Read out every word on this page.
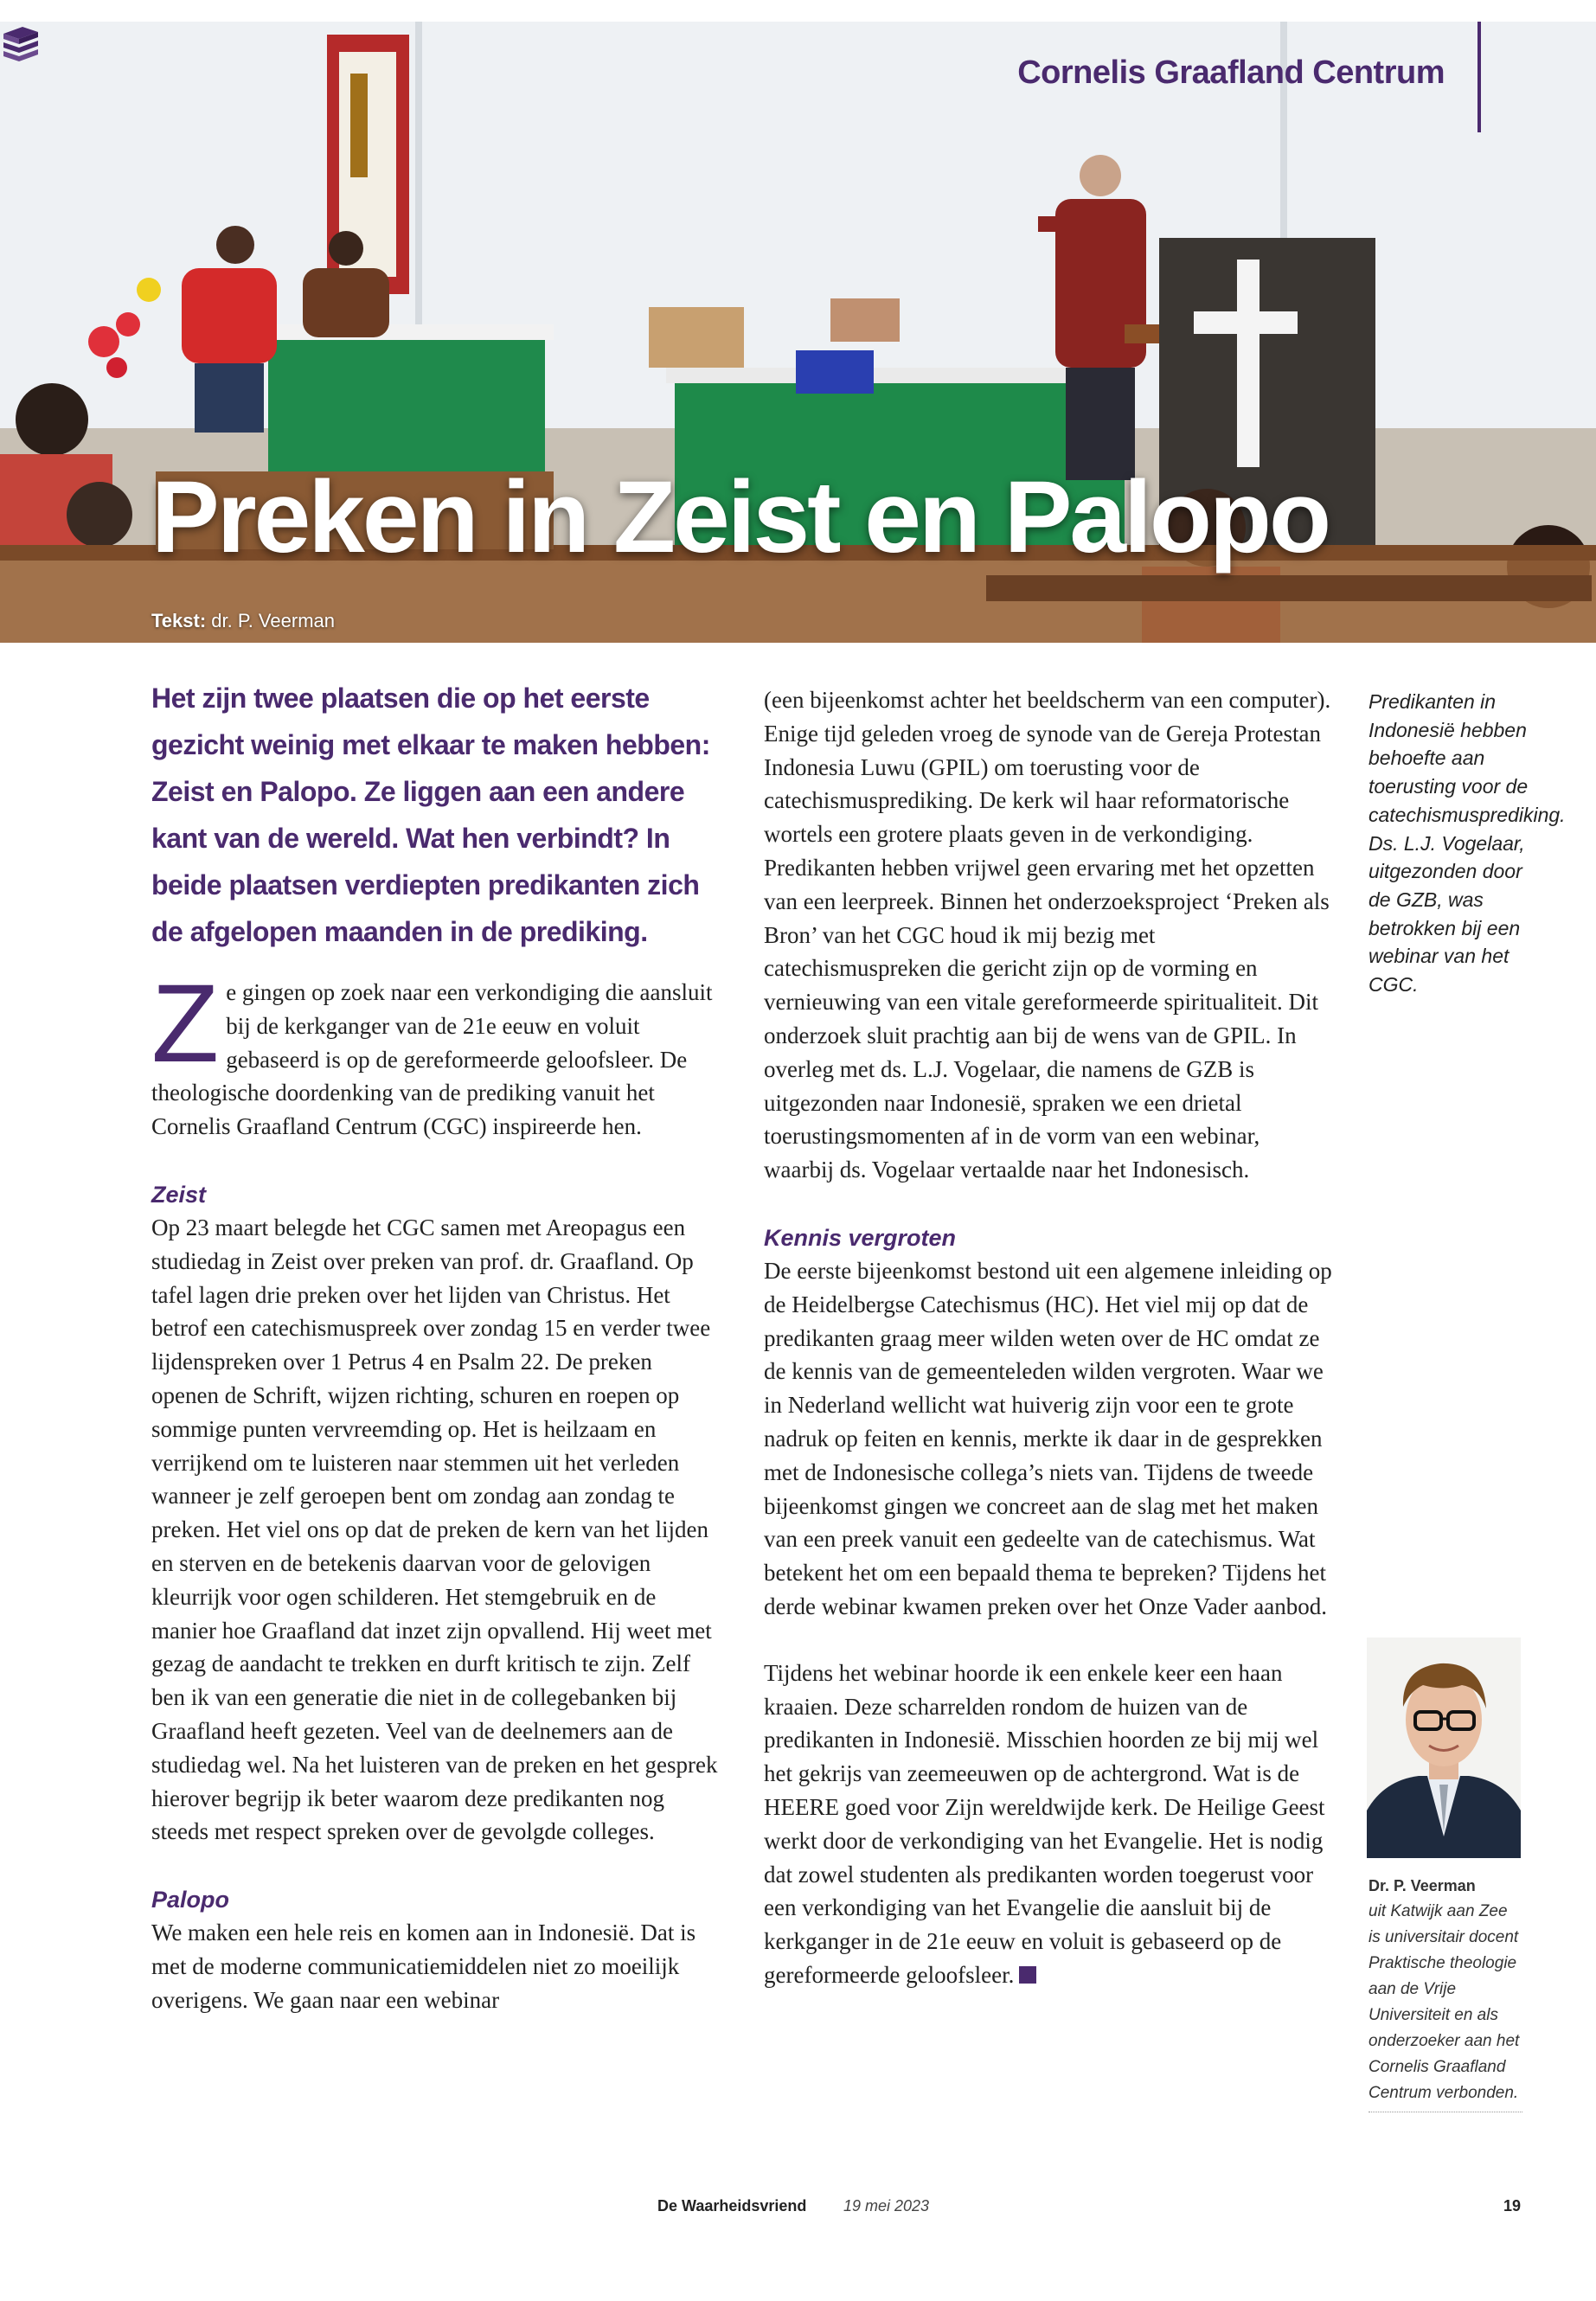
Cornelis Graafland Centrum
Preken in Zeist en Palopo
Tekst: dr. P. Veerman

Het zijn twee plaatsen die op het eerste gezicht weinig met elkaar te maken hebben: Zeist en Palopo. Ze liggen aan een andere kant van de wereld. Wat hen verbindt? In beide plaatsen verdiepten predikanten zich de afgelopen maanden in de prediking.

Z e gingen op zoek naar een verkondiging die aansluit bij de kerkganger van de 21e eeuw en voluit gebaseerd is op de gereformeerde geloofsleer. De theologische doordenking van de prediking vanuit het Cornelis Graafland Centrum (CGC) inspireerde hen.

Zeist

Op 23 maart belegde het CGC samen met Areopagus een studiedag in Zeist over preken van prof. dr. Graafland. Op tafel lagen drie preken over het lijden van Christus. Het betrof een catechismuspreek over zondag 15 en verder twee lijdenspreken over 1 Petrus 4 en Psalm 22. De preken openen de Schrift, wijzen richting, schuren en roepen op sommige punten vervreemding op. Het is heilzaam en verrijkend om te luisteren naar stemmen uit het verleden wanneer je zelf geroepen bent om zondag aan zondag te preken. Het viel ons op dat de preken de kern van het lijden en sterven en de betekenis daarvan voor de gelovigen kleurrijk voor ogen schilderen. Het stemgebruik en de manier hoe Graafland dat inzet zijn opvallend. Hij weet met gezag de aandacht te trekken en durft kritisch te zijn. Zelf ben ik van een generatie die niet in de collegebanken bij Graafland heeft gezeten. Veel van de deelnemers aan de studiedag wel. Na het luisteren van de preken en het gesprek hierover begrijp ik beter waarom deze predikanten nog steeds met respect spreken over de gevolgde colleges.

Palopo

We maken een hele reis en komen aan in Indonesië. Dat is met de moderne communicatiemiddelen niet zo moeilijk overigens. We gaan naar een webinar

(een bijeenkomst achter het beeldscherm van een computer). Enige tijd geleden vroeg de synode van de Gereja Protestan Indonesia Luwu (GPIL) om toerusting voor de catechismusprediking. De kerk wil haar reformatorische wortels een grotere plaats geven in de verkondiging. Predikanten hebben vrijwel geen ervaring met het opzetten van een leerpreek. Binnen het onderzoeksproject ‘Preken als Bron’ van het CGC houd ik mij bezig met catechismuspreken die gericht zijn op de vorming en vernieuwing van een vitale gereformeerde spiritualiteit. Dit onderzoek sluit prachtig aan bij de wens van de GPIL. In overleg met ds. L.J. Vogelaar, die namens de GZB is uitgezonden naar Indonesië, spraken we een drietal toerustingsmomenten af in de vorm van een webinar, waarbij ds. Vogelaar vertaalde naar het Indonesisch.

Kennis vergroten

De eerste bijeenkomst bestond uit een algemene inleiding op de Heidelbergse Catechismus (HC). Het viel mij op dat de predikanten graag meer wilden weten over de HC omdat ze de kennis van de gemeenteleden wilden vergroten. Waar we in Nederland wellicht wat huiverig zijn voor een te grote nadruk op feiten en kennis, merkte ik daar in de gesprekken met de Indonesische collega’s niets van. Tijdens de tweede bijeenkomst gingen we concreet aan de slag met het maken van een preek vanuit een gedeelte van de catechismus. Wat betekent het om een bepaald thema te bepreken? Tijdens het derde webinar kwamen preken over het Onze Vader aanbod.

Tijdens het webinar hoorde ik een enkele keer een haan kraaien. Deze scharrelden rondom de huizen van de predikanten in Indonesië. Misschien hoorden ze bij mij wel het gekrijs van zeemeeuwen op de achtergrond. Wat is de HEERE goed voor Zijn wereldwijde kerk. De Heilige Geest werkt door de verkondiging van het Evangelie. Het is nodig dat zowel studenten als predikanten worden toegerust voor een verkondiging van het Evangelie die aansluit bij de kerkganger in de 21e eeuw en voluit is gebaseerd op de gereformeerde geloofsleer.

Predikanten in Indonesië hebben behoefte aan toerusting voor de catechismusprediking. Ds. L.J. Vogelaar, uitgezonden door de GZB, was betrokken bij een webinar van het CGC.
Dr. P. Veerman
uit Katwijk aan Zee is universitair docent Praktische theologie aan de Vrije Universiteit en als onderzoeker aan het Cornelis Graafland Centrum verbonden.
De Waarheidsvriend 19 mei 2023	19
